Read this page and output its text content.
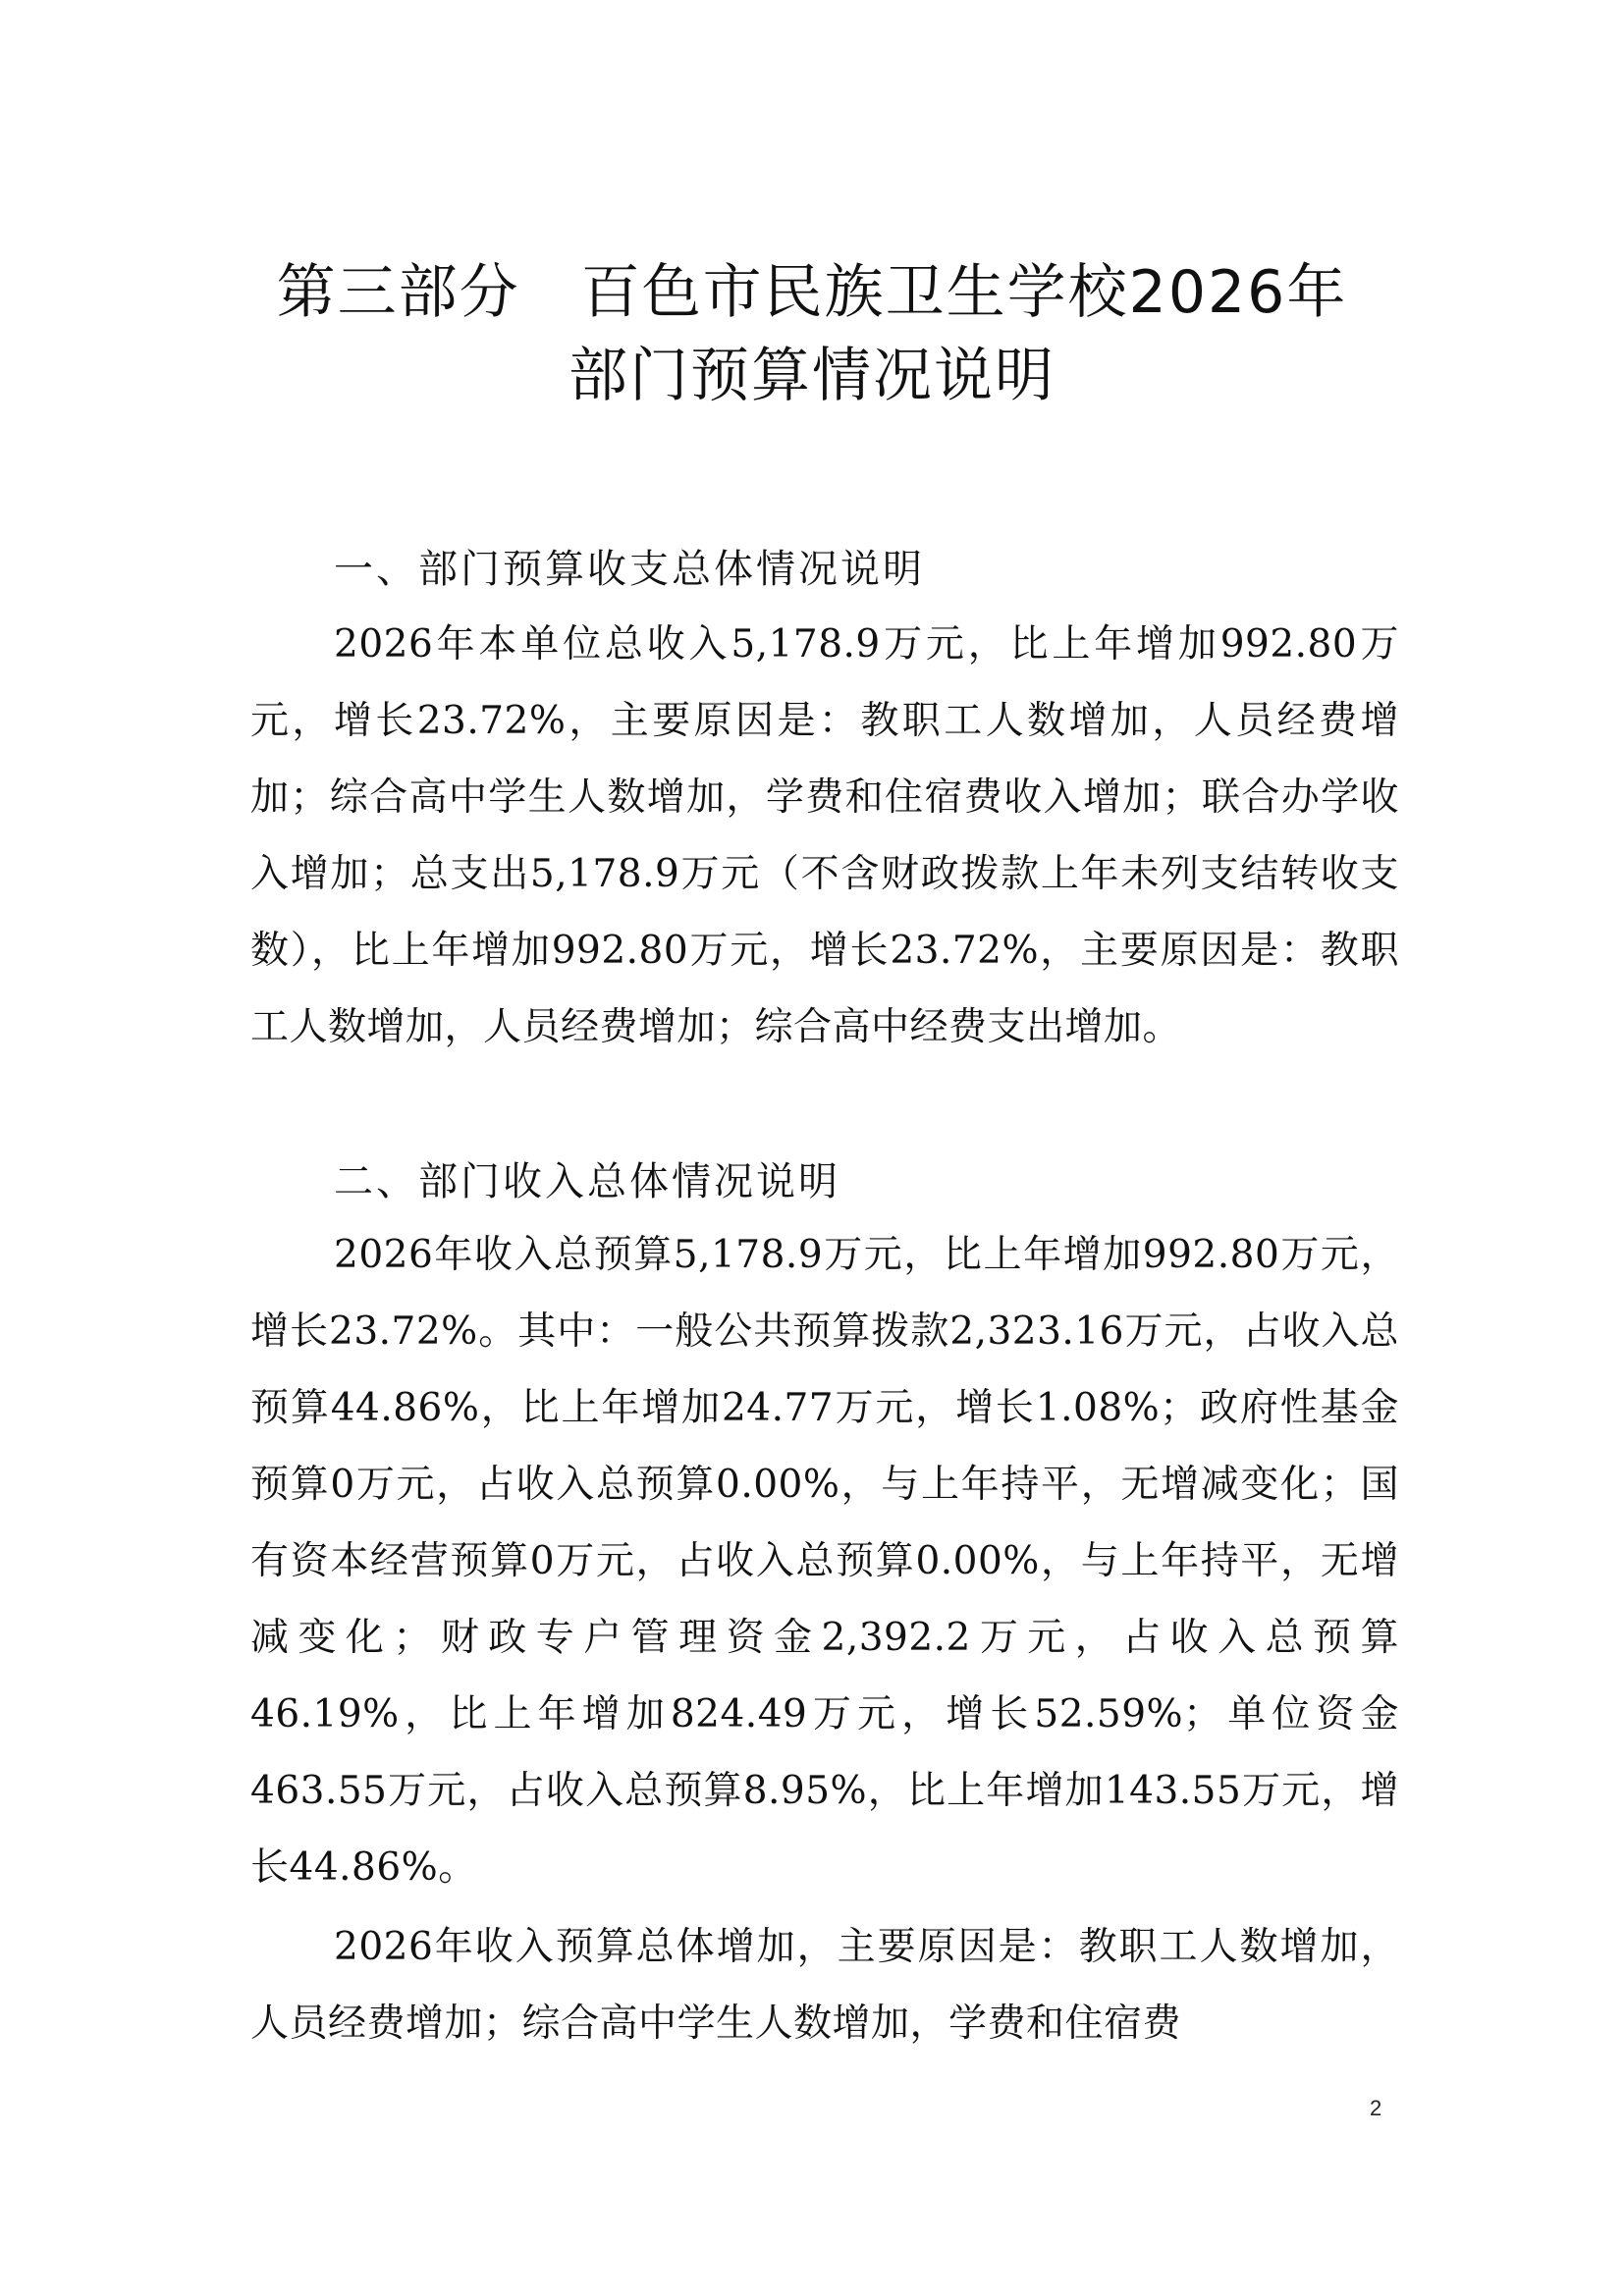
第三部分　百色市民族卫生学校2026年
部门预算情况说明
一、部门预算收支总体情况说明
2026年本单位总收入5,178.9万元，比上年增加992.80万元，增长23.72%，主要原因是：教职工人数增加，人员经费增加；综合高中学生人数增加，学费和住宿费收入增加；联合办学收入增加；总支出5,178.9万元（不含财政拨款上年未列支结转收支数），比上年增加992.80万元，增长23.72%，主要原因是：教职工人数增加，人员经费增加；综合高中经费支出增加。
二、部门收入总体情况说明
2026年收入总预算5,178.9万元，比上年增加992.80万元，增长23.72%。其中：一般公共预算拨款2,323.16万元，占收入总预算44.86%，比上年增加24.77万元，增长1.08%；政府性基金预算0万元，占收入总预算0.00%，与上年持平，无增减变化；国有资本经营预算0万元，占收入总预算0.00%，与上年持平，无增减变化；财政专户管理资金2,392.2万元，占收入总预算46.19%，比上年增加824.49万元，增长52.59%；单位资金463.55万元，占收入总预算8.95%，比上年增加143.55万元，增长44.86%。
2026年收入预算总体增加，主要原因是：教职工人数增加，人员经费增加；综合高中学生人数增加，学费和住宿费
2
